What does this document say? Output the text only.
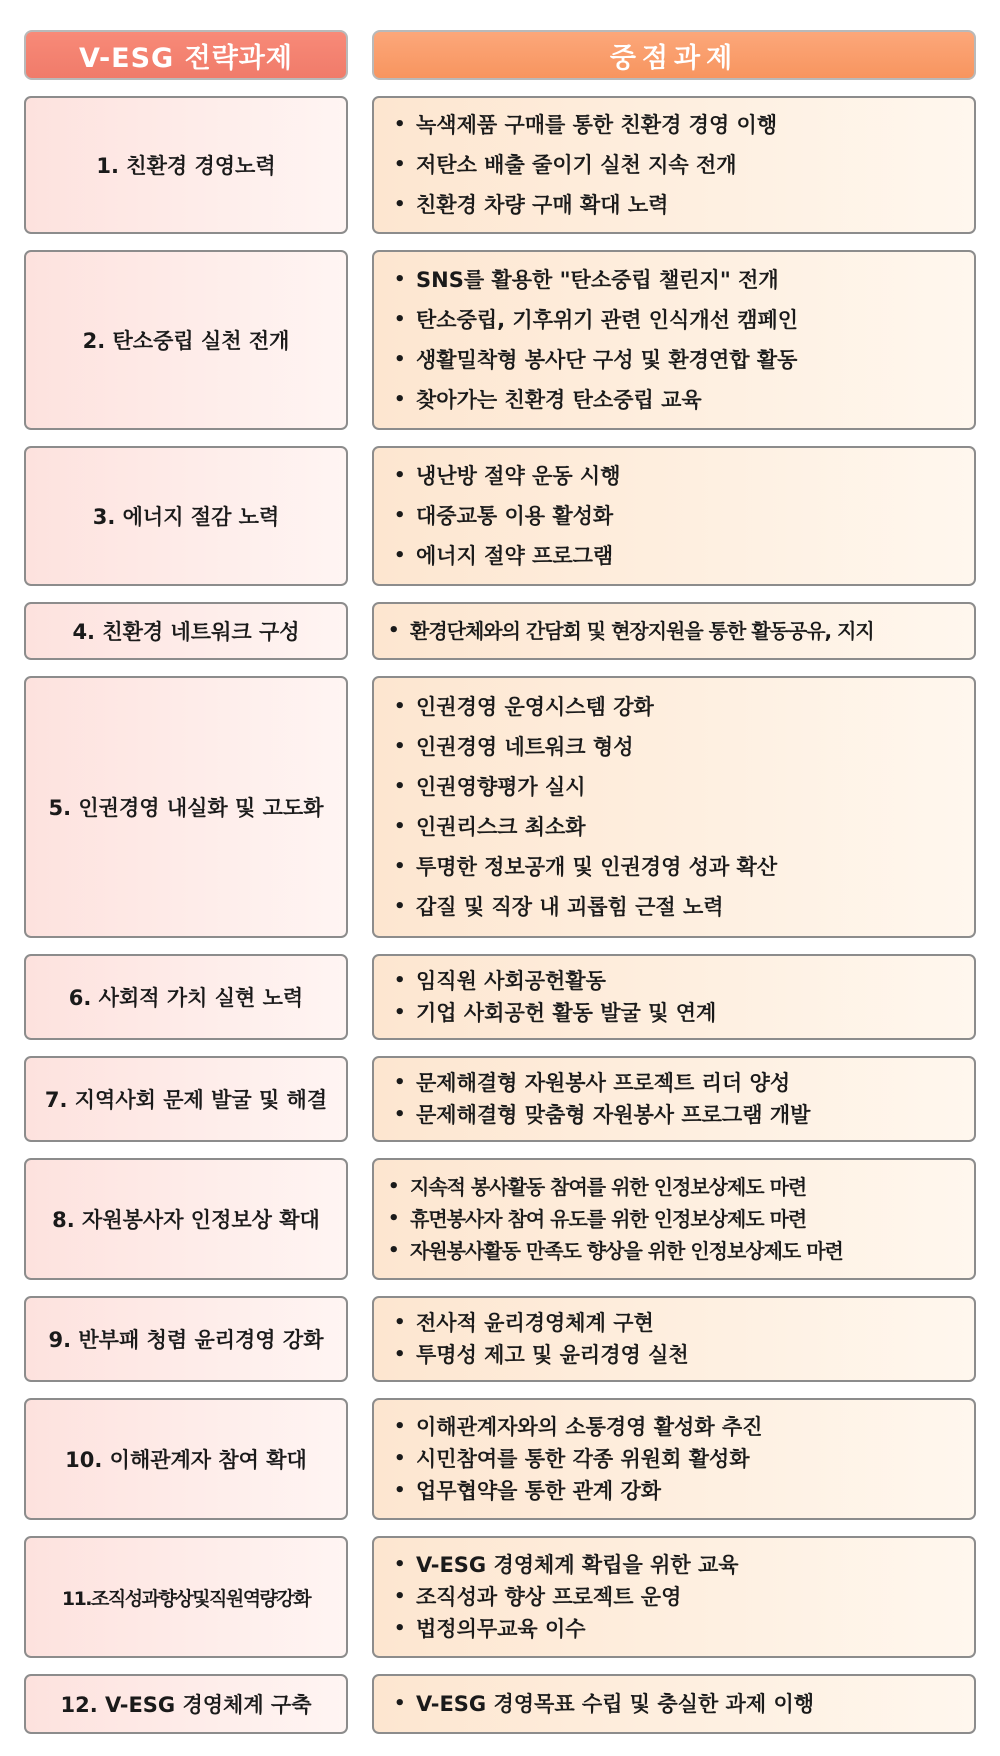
V-ESG 전략과제	중점과제
1. 친환경 경영노력
• 녹색제품 구매를 통한 친환경 경영 이행
• 저탄소 배출 줄이기 실천 지속 전개
• 친환경 차량 구매 확대 노력
2. 탄소중립 실천 전개
• SNS를 활용한 "탄소중립 챌린지" 전개
• 탄소중립, 기후위기 관련 인식개선 캠페인
• 생활밀착형 봉사단 구성 및 환경연합 활동
• 찾아가는 친환경 탄소중립 교육
3. 에너지 절감 노력
• 냉난방 절약 운동 시행
• 대중교통 이용 활성화
• 에너지 절약 프로그램
4. 친환경 네트워크 구성	• 환경단체와의 간담회 및 현장지원을 통한 활동공유, 지지
5. 인권경영 내실화 및 고도화
• 인권경영 운영시스템 강화
• 인권경영 네트워크 형성
• 인권영향평가 실시
• 인권리스크 최소화
• 투명한 정보공개 및 인권경영 성과 확산
• 갑질 및 직장 내 괴롭힘 근절 노력
6. 사회적 가치 실현 노력
• 임직원 사회공헌활동
• 기업 사회공헌 활동 발굴 및 연계
7. 지역사회 문제 발굴 및 해결
• 문제해결형 자원봉사 프로젝트 리더 양성
• 문제해결형 맞춤형 자원봉사 프로그램 개발
8. 자원봉사자 인정보상 확대
• 지속적 봉사활동 참여를 위한 인정보상제도 마련
• 휴면봉사자 참여 유도를 위한 인정보상제도 마련
• 자원봉사활동 만족도 향상을 위한 인정보상제도 마련
9. 반부패 청렴 윤리경영 강화
• 전사적 윤리경영체계 구현
• 투명성 제고 및 윤리경영 실천
10. 이해관계자 참여 확대
• 이해관계자와의 소통경영 활성화 추진
• 시민참여를 통한 각종 위원회 활성화
• 업무협약을 통한 관계 강화
11.조직성과향상및직원역량강화
• V-ESG 경영체계 확립을 위한 교육
• 조직성과 향상 프로젝트 운영
• 법정의무교육 이수
12. V-ESG 경영체계 구축	• V-ESG 경영목표 수립 및 충실한 과제 이행
